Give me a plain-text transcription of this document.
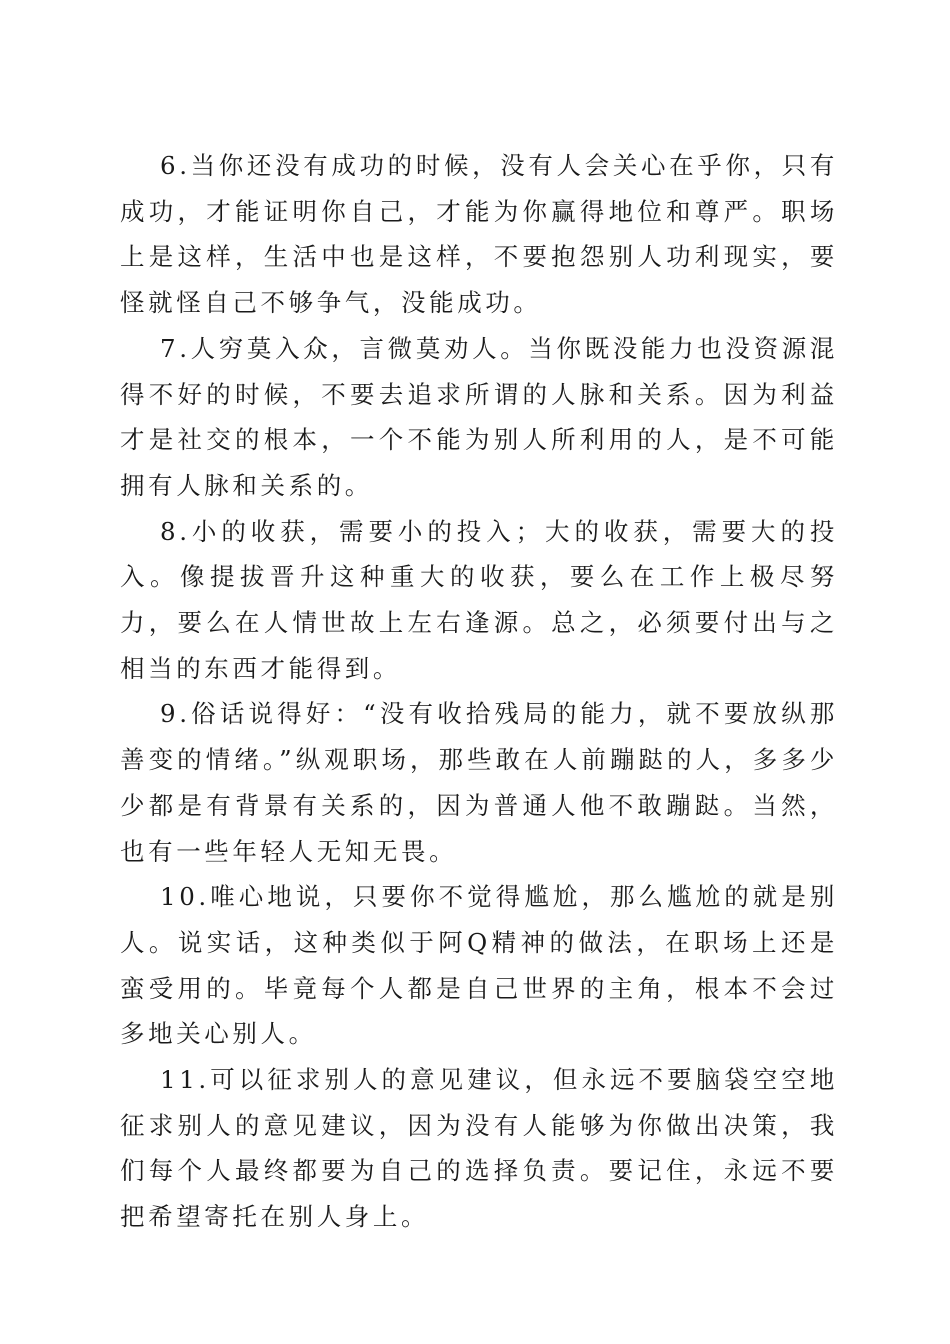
6.当你还没有成功的时候，没有人会关心在乎你，只有成功，才能证明你自己，才能为你赢得地位和尊严。职场上是这样，生活中也是这样，不要抱怨别人功利现实，要怪就怪自己不够争气，没能成功。

7.人穷莫入众，言微莫劝人。当你既没能力也没资源混得不好的时候，不要去追求所谓的人脉和关系。因为利益才是社交的根本，一个不能为别人所利用的人，是不可能拥有人脉和关系的。

8.小的收获，需要小的投入；大的收获，需要大的投入。像提拔晋升这种重大的收获，要么在工作上极尽努力，要么在人情世故上左右逢源。总之，必须要付出与之相当的东西才能得到。

9.俗话说得好：“没有收拾残局的能力，就不要放纵那善变的情绪。”纵观职场，那些敢在人前蹦跶的人，多多少少都是有背景有关系的，因为普通人他不敢蹦跶。当然，也有一些年轻人无知无畏。

10.唯心地说，只要你不觉得尴尬，那么尴尬的就是别人。说实话，这种类似于阿Q精神的做法，在职场上还是蛮受用的。毕竟每个人都是自己世界的主角，根本不会过多地关心别人。

11.可以征求别人的意见建议，但永远不要脑袋空空地征求别人的意见建议，因为没有人能够为你做出决策，我们每个人最终都要为自己的选择负责。要记住，永远不要把希望寄托在别人身上。
